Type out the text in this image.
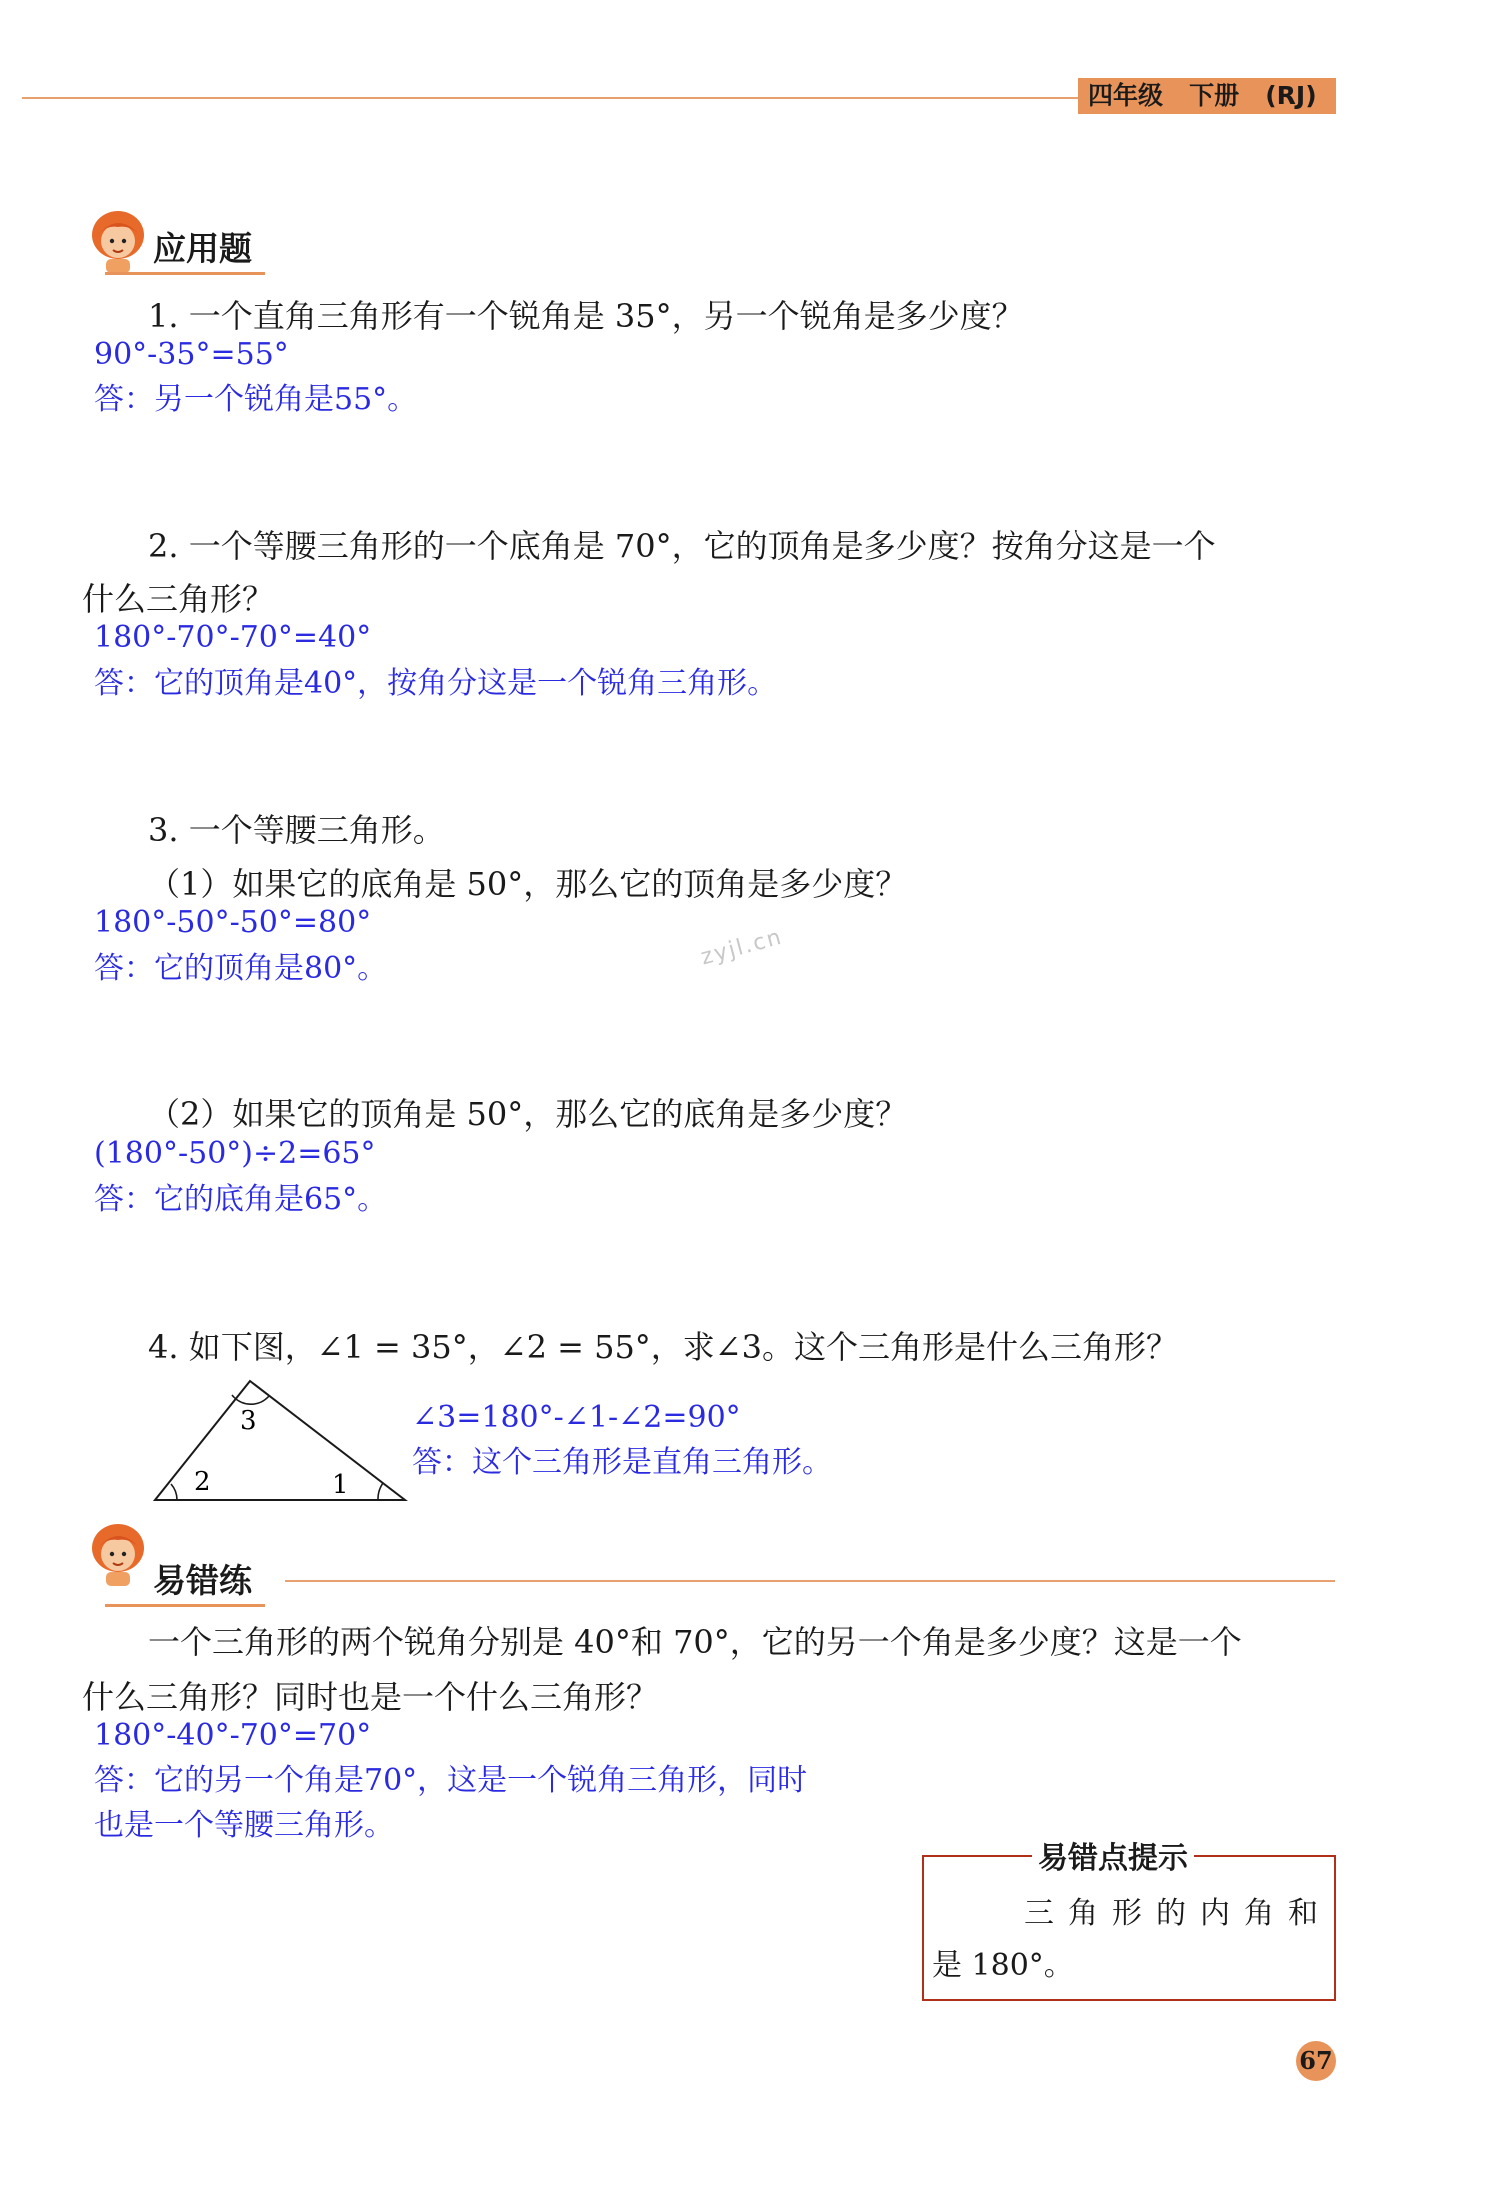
四年级   下册   (RJ)
应用题
1. 一个直角三角形有一个锐角是 35°，另一个锐角是多少度？
90°-35°=55°
答：另一个锐角是55°。
2. 一个等腰三角形的一个底角是 70°，它的顶角是多少度？按角分这是一个
什么三角形？
180°-70°-70°=40°
答：它的顶角是40°，按角分这是一个锐角三角形。
3. 一个等腰三角形。
（1）如果它的底角是 50°，那么它的顶角是多少度？
180°-50°-50°=80°
答：它的顶角是80°。	zyjl.cn
（2）如果它的顶角是 50°，那么它的底角是多少度？
(180°-50°)÷2=65°
答：它的底角是65°。
4. 如下图，∠1 = 35°，∠2 = 55°，求∠3。这个三角形是什么三角形？
3
2	1
∠3=180°-∠1-∠2=90°
答：这个三角形是直角三角形。
易错练
一个三角形的两个锐角分别是 40°和 70°，它的另一个角是多少度？这是一个
什么三角形？同时也是一个什么三角形？
180°-40°-70°=70°
答：它的另一个角是70°，这是一个锐角三角形，同时
也是一个等腰三角形。
易错点提示
三角形的内角和
是 180°。
67
